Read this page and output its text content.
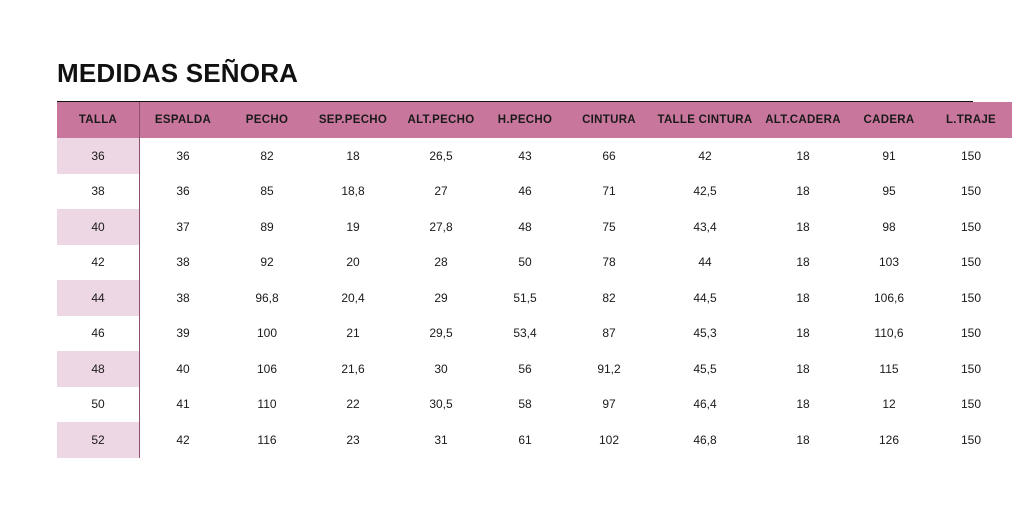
MEDIDAS SEÑORA
TALLA	ESPALDA	PECHO	SEP.PECHO	ALT.PECHO	H.PECHO	CINTURA	TALLE CINTURA	ALT.CADERA	CADERA	L.TRAJE
36	36	82	18	26,5	43	66	42	18	91	150
38	36	85	18,8	27	46	71	42,5	18	95	150
40	37	89	19	27,8	48	75	43,4	18	98	150
42	38	92	20	28	50	78	44	18	103	150
44	38	96,8	20,4	29	51,5	82	44,5	18	106,6	150
46	39	100	21	29,5	53,4	87	45,3	18	110,6	150
48	40	106	21,6	30	56	91,2	45,5	18	115	150
50	41	110	22	30,5	58	97	46,4	18	12	150
52	42	116	23	31	61	102	46,8	18	126	150
